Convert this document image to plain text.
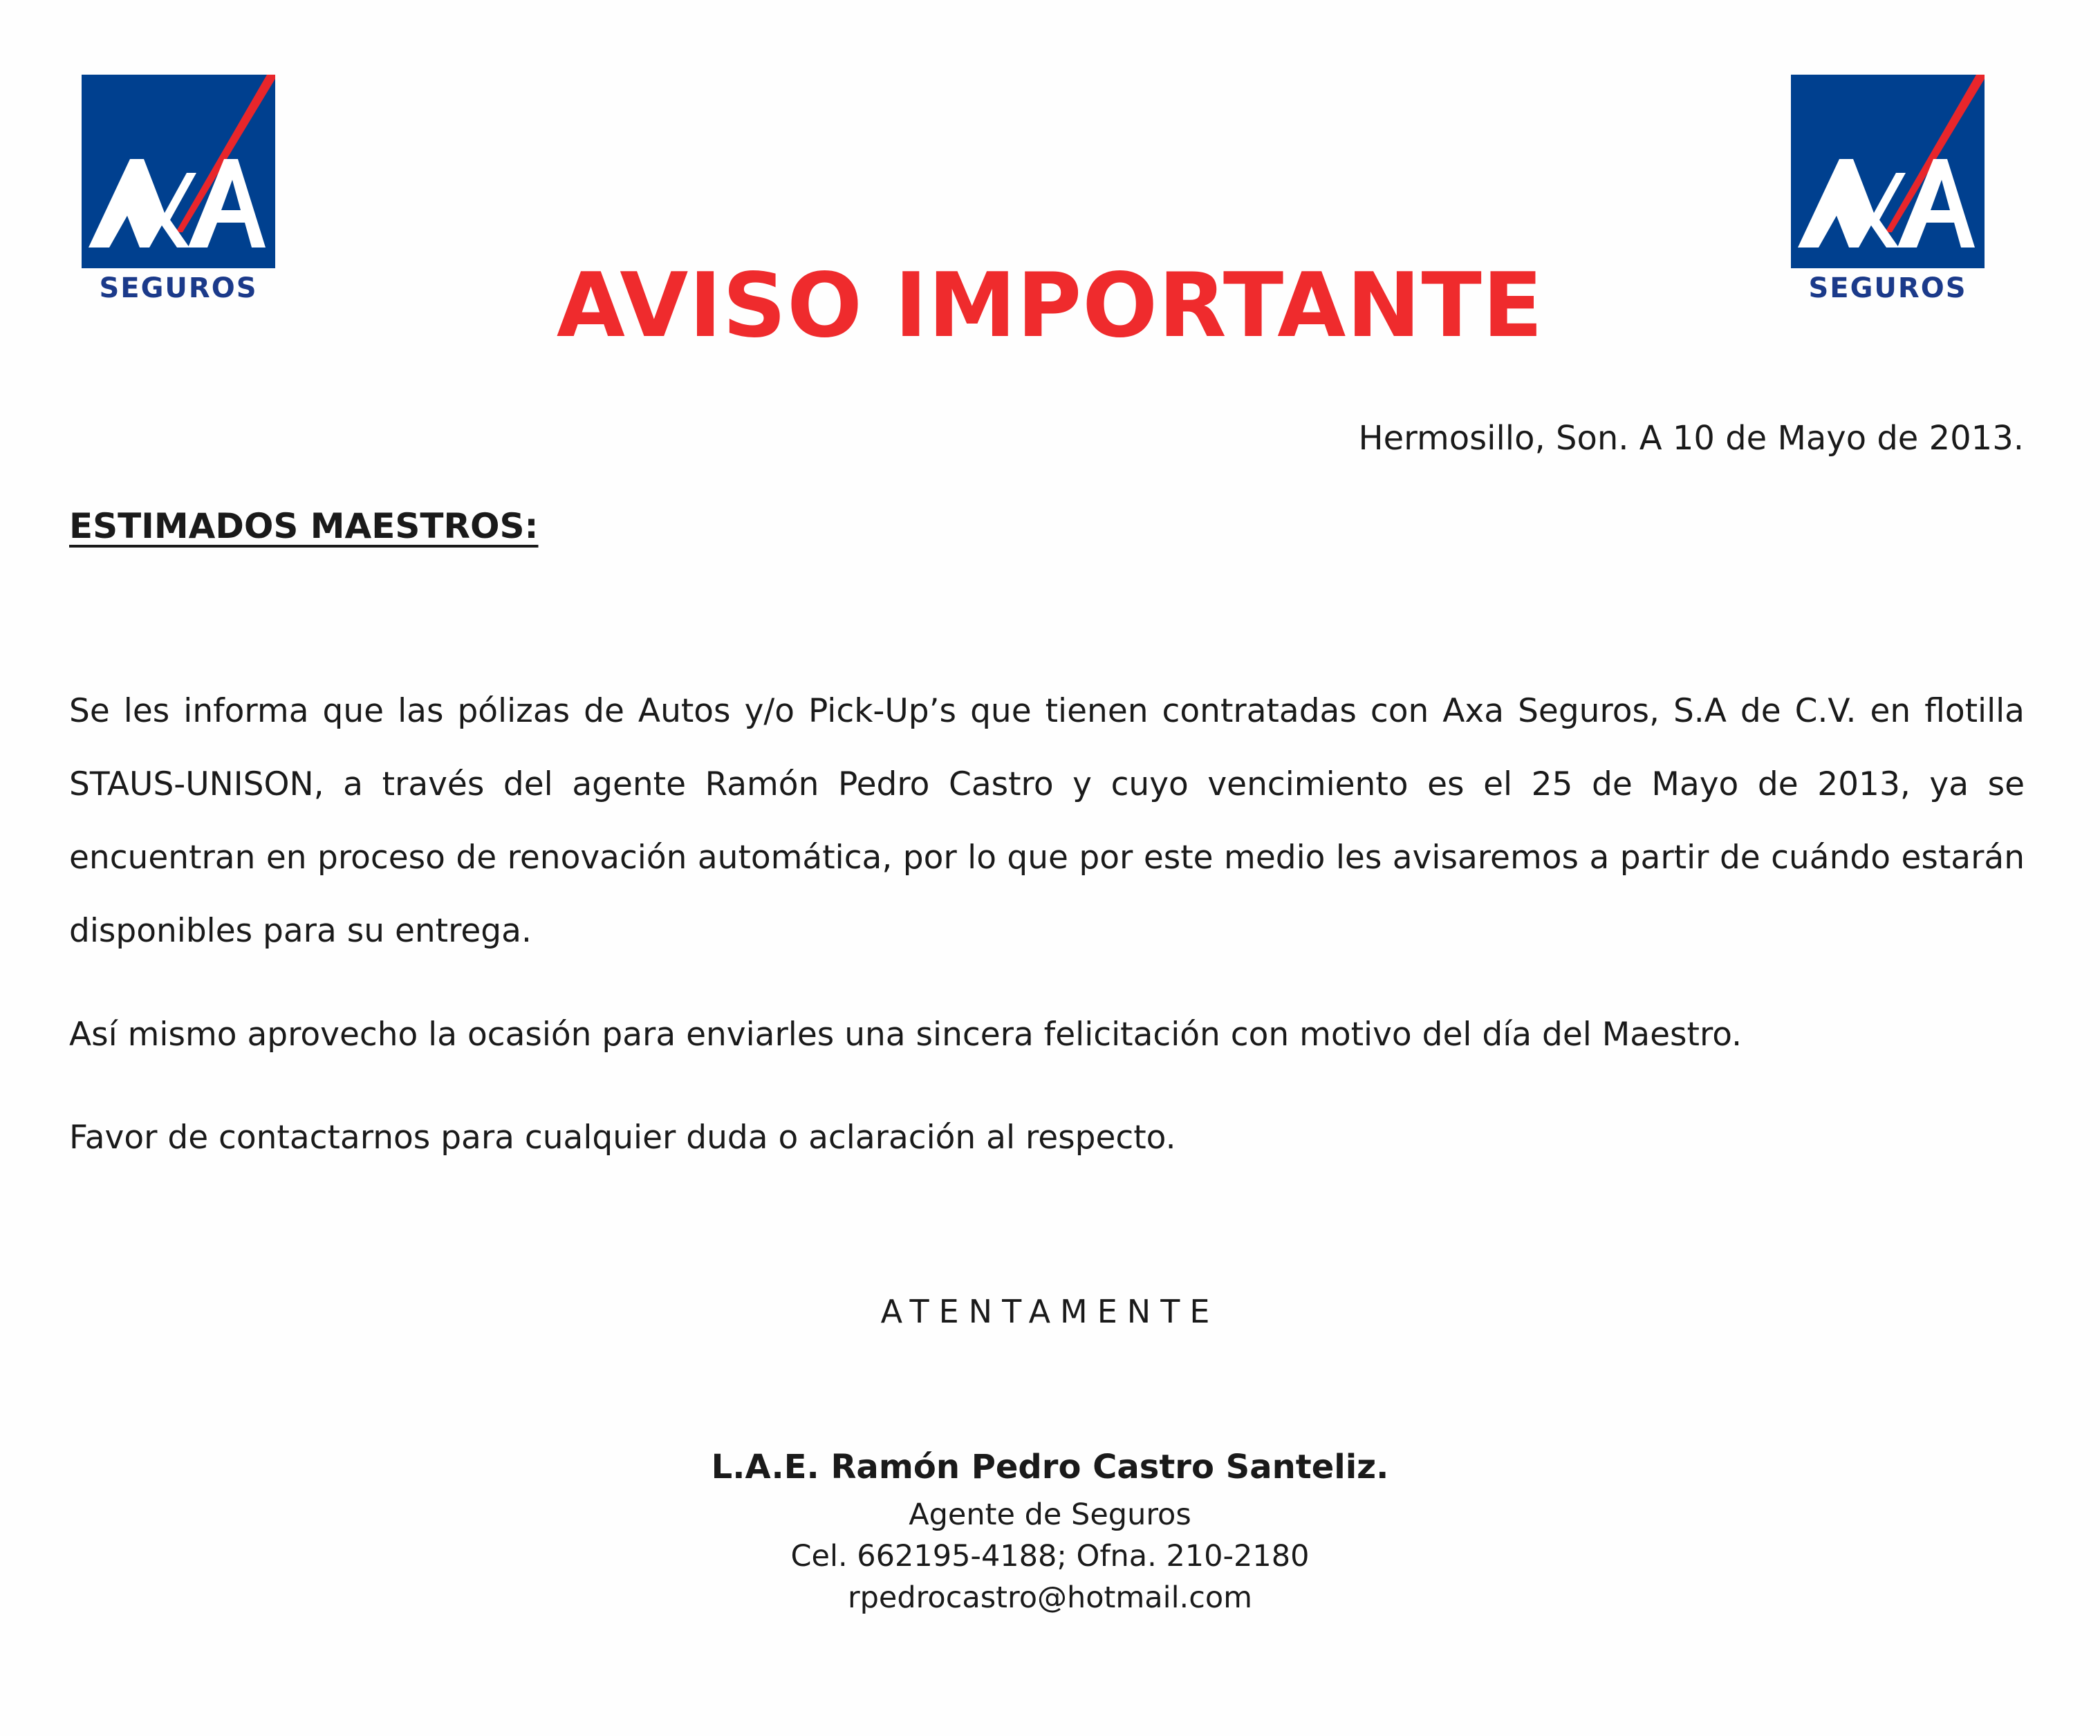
SEGUROS	SEGUROS
AVISO IMPORTANTE
Hermosillo, Son. A 10 de Mayo de 2013.
ESTIMADOS MAESTROS:
Se les informa que las pólizas de Autos y/o Pick-Up’s que tienen contratadas con Axa Seguros, S.A de C.V. en flotilla STAUS-UNISON, a través del agente Ramón Pedro Castro y cuyo vencimiento es el 25 de Mayo de 2013, ya se encuentran en proceso de renovación automática, por lo que por este medio les avisaremos a partir de cuándo estarán disponibles para su entrega.
Así mismo aprovecho la ocasión para enviarles una sincera felicitación con motivo del día del Maestro.
Favor de contactarnos para cualquier duda o aclaración al respecto.
ATENTAMENTE
L.A.E. Ramón Pedro Castro Santeliz.
Agente de Seguros
Cel. 662195-4188; Ofna. 210-2180
rpedrocastro@hotmail.com
